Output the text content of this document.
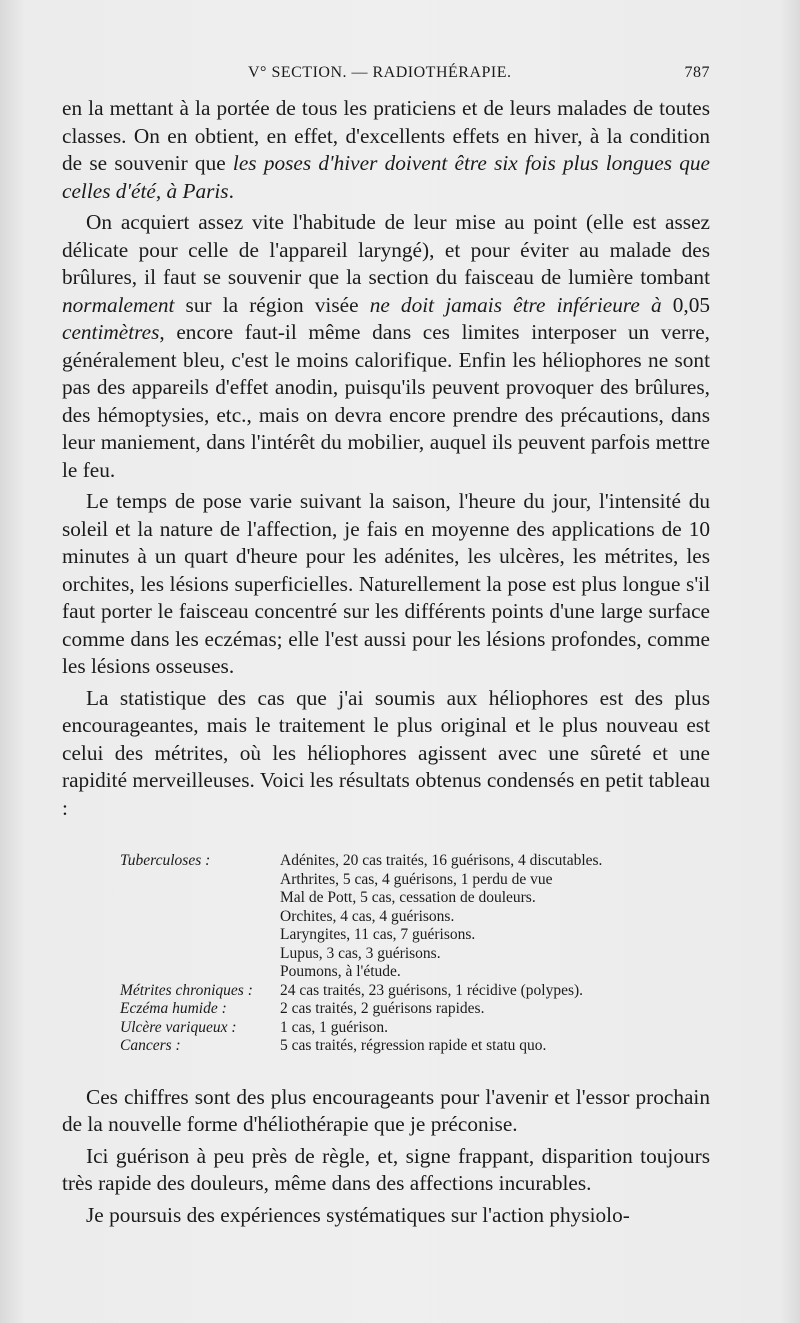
V° SECTION. — RADIOTHÉRAPIE.	787

en la mettant à la portée de tous les praticiens et de leurs malades de toutes classes. On en obtient, en effet, d'excellents effets en hiver, à la condition de se souvenir que les poses d'hiver doivent être six fois plus longues que celles d'été, à Paris.

On acquiert assez vite l'habitude de leur mise au point (elle est assez délicate pour celle de l'appareil laryngé), et pour éviter au malade des brûlures, il faut se souvenir que la section du faisceau de lumière tombant normalement sur la région visée ne doit jamais être inférieure à 0,05 centimètres, encore faut-il même dans ces limites interposer un verre, généralement bleu, c'est le moins calorifique. Enfin les héliophores ne sont pas des appareils d'effet anodin, puisqu'ils peuvent provoquer des brûlures, des hémoptysies, etc., mais on devra encore prendre des précautions, dans leur maniement, dans l'intérêt du mobilier, auquel ils peuvent parfois mettre le feu.

Le temps de pose varie suivant la saison, l'heure du jour, l'intensité du soleil et la nature de l'affection, je fais en moyenne des applications de 10 minutes à un quart d'heure pour les adénites, les ulcères, les métrites, les orchites, les lésions superficielles. Naturellement la pose est plus longue s'il faut porter le faisceau concentré sur les différents points d'une large surface comme dans les eczémas; elle l'est aussi pour les lésions profondes, comme les lésions osseuses.

La statistique des cas que j'ai soumis aux héliophores est des plus encourageantes, mais le traitement le plus original et le plus nouveau est celui des métrites, où les héliophores agissent avec une sûreté et une rapidité merveilleuses. Voici les résultats obtenus condensés en petit tableau :

Tuberculoses :	Adénites, 20 cas traités, 16 guérisons, 4 discutables.
	Arthrites, 5 cas, 4 guérisons, 1 perdu de vue
	Mal de Pott, 5 cas, cessation de douleurs.
	Orchites, 4 cas, 4 guérisons.
	Laryngites, 11 cas, 7 guérisons.
	Lupus, 3 cas, 3 guérisons.
	Poumons, à l'étude.
Métrites chroniques :	24 cas traités, 23 guérisons, 1 récidive (polypes).
Eczéma humide :	2 cas traités, 2 guérisons rapides.
Ulcère variqueux :	1 cas, 1 guérison.
Cancers :	5 cas traités, régression rapide et statu quo.

Ces chiffres sont des plus encourageants pour l'avenir et l'essor prochain de la nouvelle forme d'héliothérapie que je préconise.

Ici guérison à peu près de règle, et, signe frappant, disparition toujours très rapide des douleurs, même dans des affections incurables.

Je poursuis des expériences systématiques sur l'action physiolo-
